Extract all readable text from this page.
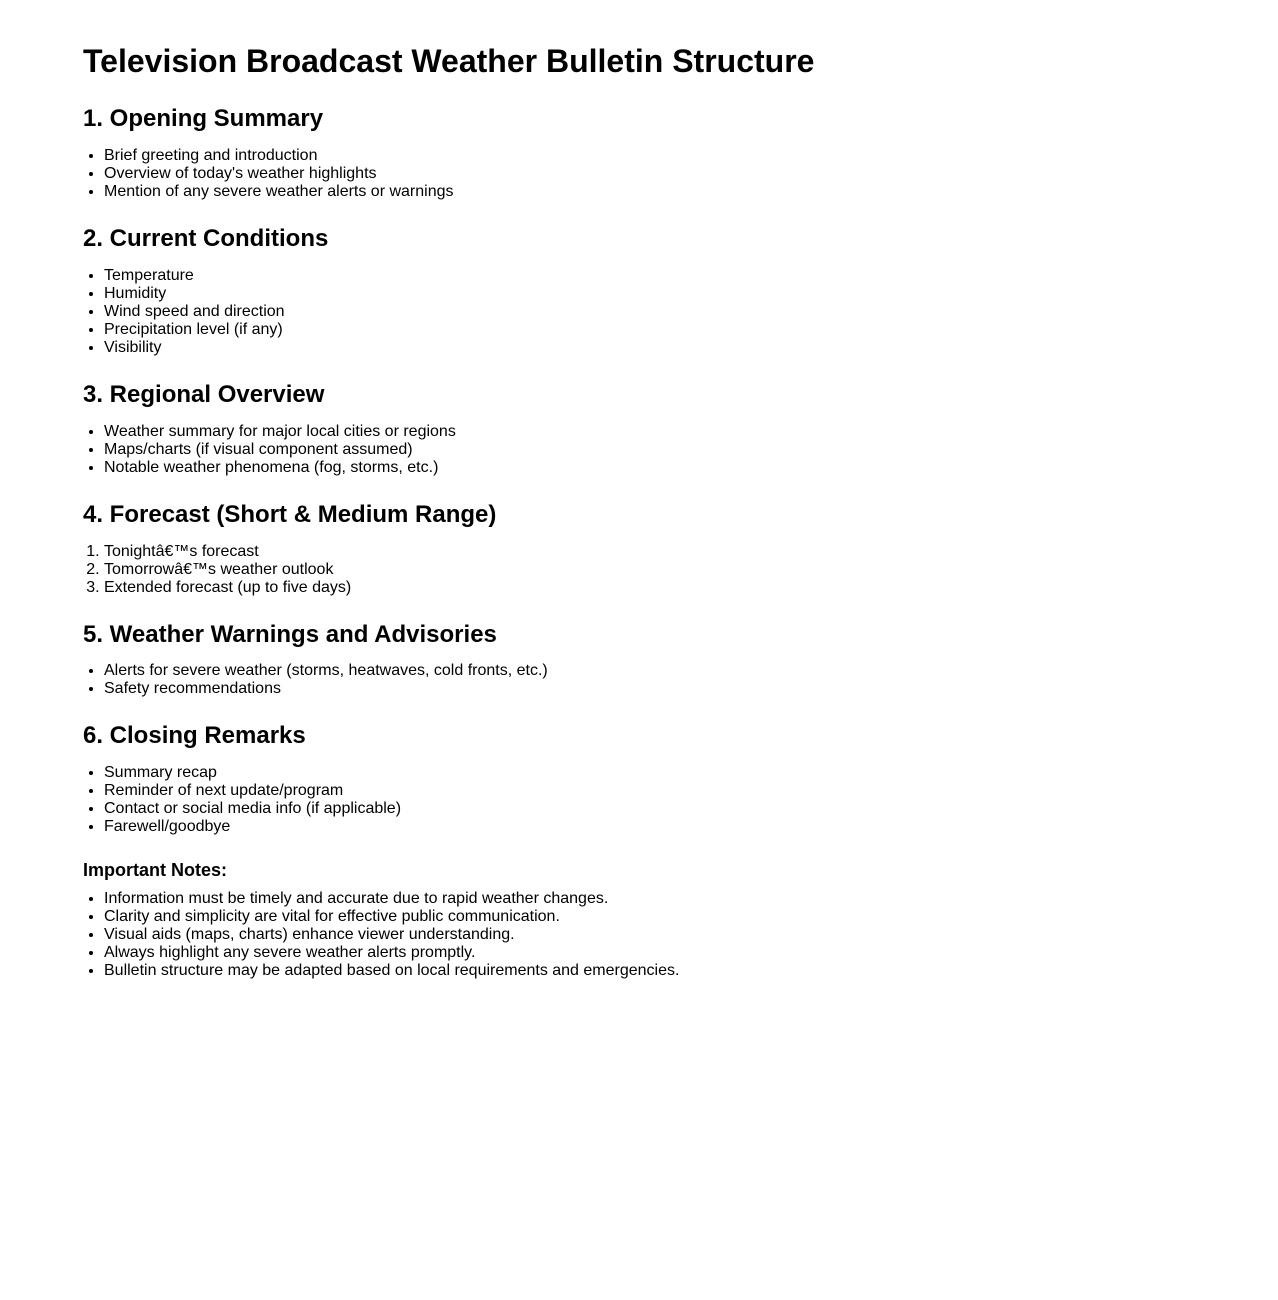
Television Broadcast Weather Bulletin Structure
1. Opening Summary
• Brief greeting and introduction
• Overview of today's weather highlights
• Mention of any severe weather alerts or warnings
2. Current Conditions
• Temperature
• Humidity
• Wind speed and direction
• Precipitation level (if any)
• Visibility
3. Regional Overview
• Weather summary for major local cities or regions
• Maps/charts (if visual component assumed)
• Notable weather phenomena (fog, storms, etc.)
4. Forecast (Short & Medium Range)
1. Tonightâ€™s forecast
2. Tomorrowâ€™s weather outlook
3. Extended forecast (up to five days)
5. Weather Warnings and Advisories
• Alerts for severe weather (storms, heatwaves, cold fronts, etc.)
• Safety recommendations
6. Closing Remarks
• Summary recap
• Reminder of next update/program
• Contact or social media info (if applicable)
• Farewell/goodbye
Important Notes:
• Information must be timely and accurate due to rapid weather changes.
• Clarity and simplicity are vital for effective public communication.
• Visual aids (maps, charts) enhance viewer understanding.
• Always highlight any severe weather alerts promptly.
• Bulletin structure may be adapted based on local requirements and emergencies.
